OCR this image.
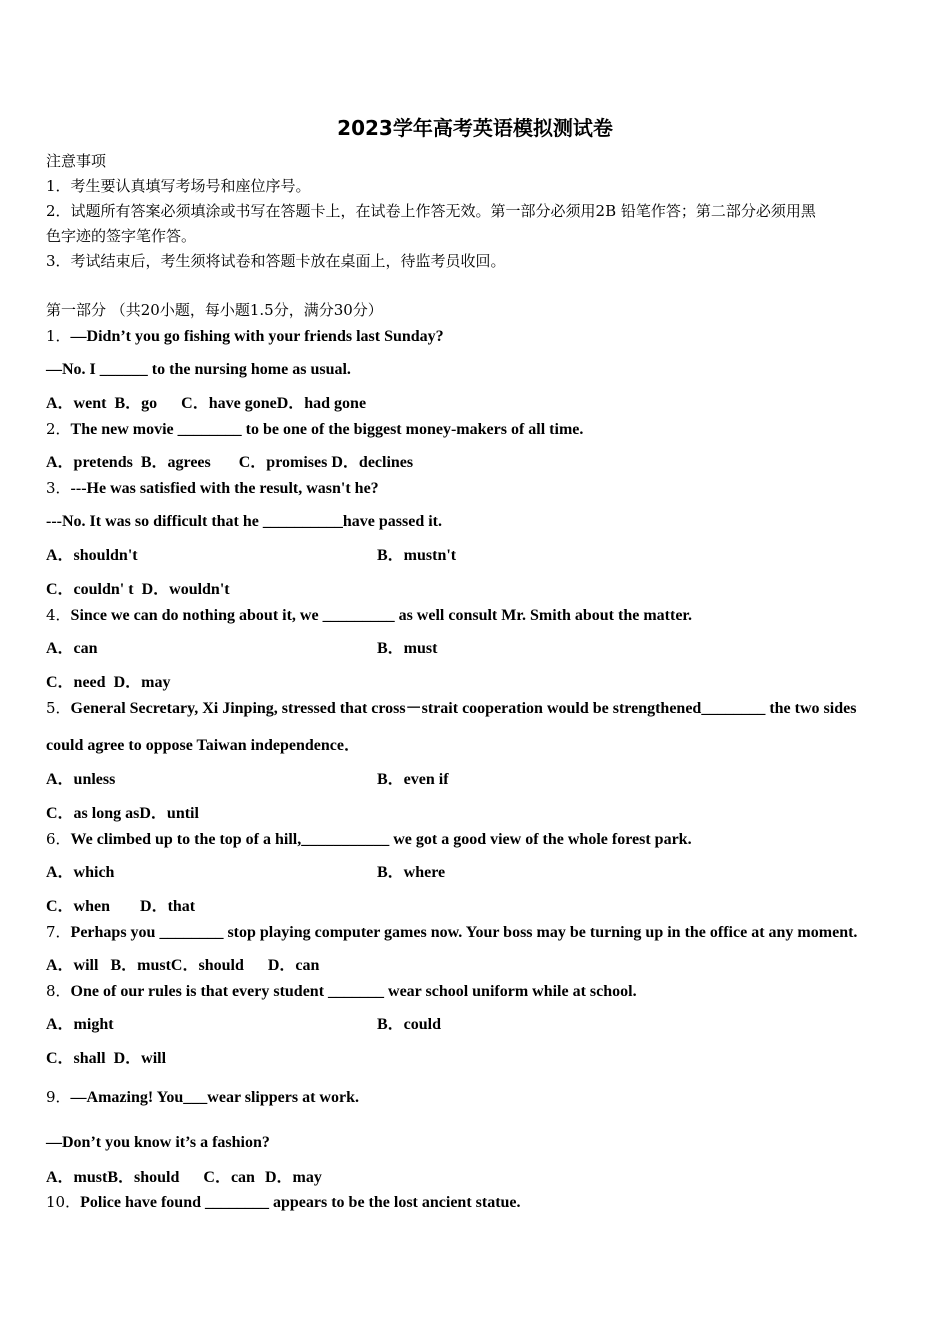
2023学年高考英语模拟测试卷
注意事项
1．考生要认真填写考场号和座位序号。
2．试题所有答案必须填涂或书写在答题卡上，在试卷上作答无效。第一部分必须用2B 铅笔作答；第二部分必须用黑
色字迹的签字笔作答。
3．考试结束后，考生须将试卷和答题卡放在桌面上，待监考员收回。
第一部分 （共20小题，每小题1.5分，满分30分）
1．—Didn’t you go fishing with your friends last Sunday?
—No. I ______ to the nursing home as usual.
A．went B．go C．have goneD．had gone
2．The new movie ________ to be one of the biggest money-makers of all time.
A．pretends B．agrees C．promises D．declines
3．---He was satisfied with the result, wasn't he?
---No. It was so difficult that he __________have passed it.
A．shouldn't	B．mustn't
C．couldn' t D．wouldn't
4．Since we can do nothing about it, we _________ as well consult Mr. Smith about the matter.
A．can	B．must
C．need D．may
5．General Secretary, Xi Jinping, stressed that cross－strait cooperation would be strengthened________ the two sides
could agree to oppose Taiwan independence．
A．unless	B．even if
C．as long asD．until
6．We climbed up to the top of a hill,___________ we got a good view of the whole forest park.
A．which	B．where
C．when D．that
7．Perhaps you ________ stop playing computer games now. Your boss may be turning up in the office at any moment.
A．will B．mustC．should D．can
8．One of our rules is that every student _______ wear school uniform while at school.
A．might	B．could
C．shall D．will
9．—Amazing! You___wear slippers at work.
—Don’t you know it’s a fashion?
A．mustB．should C．can D．may
10．Police have found ________ appears to be the lost ancient statue.
